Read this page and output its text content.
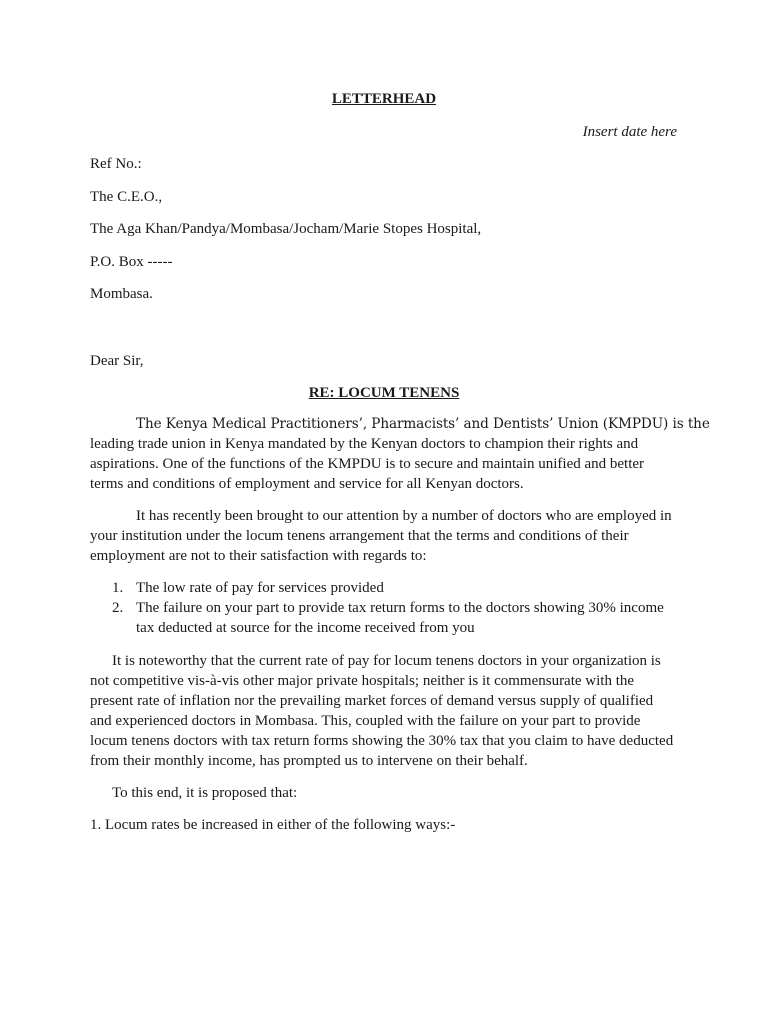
LETTERHEAD
Insert date here
Ref No.:
The C.E.O.,
The Aga Khan/Pandya/Mombasa/Jocham/Marie Stopes Hospital,
P.O. Box -----
Mombasa.
Dear Sir,
RE: LOCUM TENENS
The Kenya Medical Practitioners’, Pharmacists’ and Dentists’ Union (KMPDU) is the
leading trade union in Kenya mandated by the Kenyan doctors to champion their rights and
aspirations. One of the functions of the KMPDU is to secure and maintain unified and better
terms and conditions of employment and service for all Kenyan doctors.
It has recently been brought to our attention by a number of doctors who are employed in
your institution under the locum tenens arrangement that the terms and conditions of their
employment are not to their satisfaction with regards to:
1. The low rate of pay for services provided
2. The failure on your part to provide tax return forms to the doctors showing 30% income
tax deducted at source for the income received from you
It is noteworthy that the current rate of pay for locum tenens doctors in your organization is
not competitive vis-à-vis other major private hospitals; neither is it commensurate with the
present rate of inflation nor the prevailing market forces of demand versus supply of qualified
and experienced doctors in Mombasa. This, coupled with the failure on your part to provide
locum tenens doctors with tax return forms showing the 30% tax that you claim to have deducted
from their monthly income, has prompted us to intervene on their behalf.
To this end, it is proposed that:
1. Locum rates be increased in either of the following ways:-
